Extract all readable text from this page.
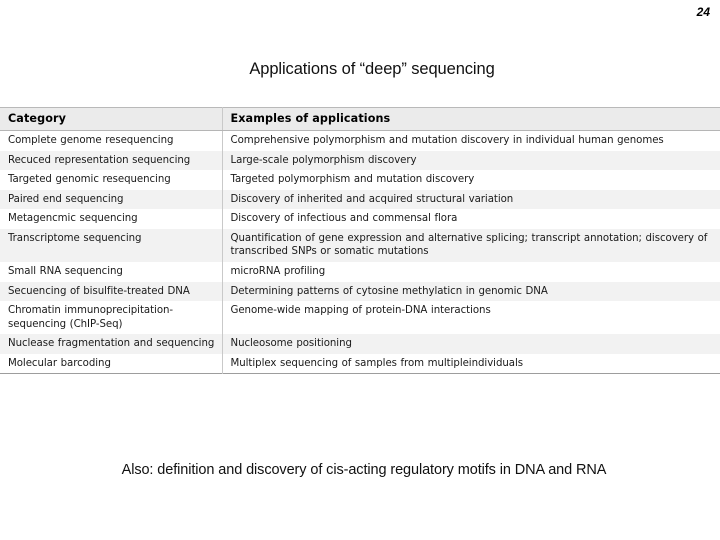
24
Applications of “deep” sequencing
Category	Examples of applications
Complete genome resequencing	Comprehensive polymorphism and mutation discovery in individual human genomes
Recuced representation sequencing	Large-scale polymorphism discovery
Targeted genomic resequencing	Targeted polymorphism and mutation discovery
Paired end sequencing	Discovery of inherited and acquired structural variation
Metagencmic sequencing	Discovery of infectious and commensal flora
Transcriptome sequencing	Quantification of gene expression and alternative splicing; transcript annotation; discovery of transcribed SNPs or somatic mutations
Small RNA sequencing	microRNA profiling
Secuencing of bisulfite-treated DNA	Determining patterns of cytosine methylaticn in genomic DNA
Chromatin immunoprecipitation-sequencing (ChIP-Seq)	Genome-wide mapping of protein-DNA interactions
Nuclease fragmentation and sequencing	Nucleosome positioning
Molecular barcoding	Multiplex sequencing of samples from multipleindividuals
Also: definition and discovery of cis-acting regulatory motifs in DNA and RNA
